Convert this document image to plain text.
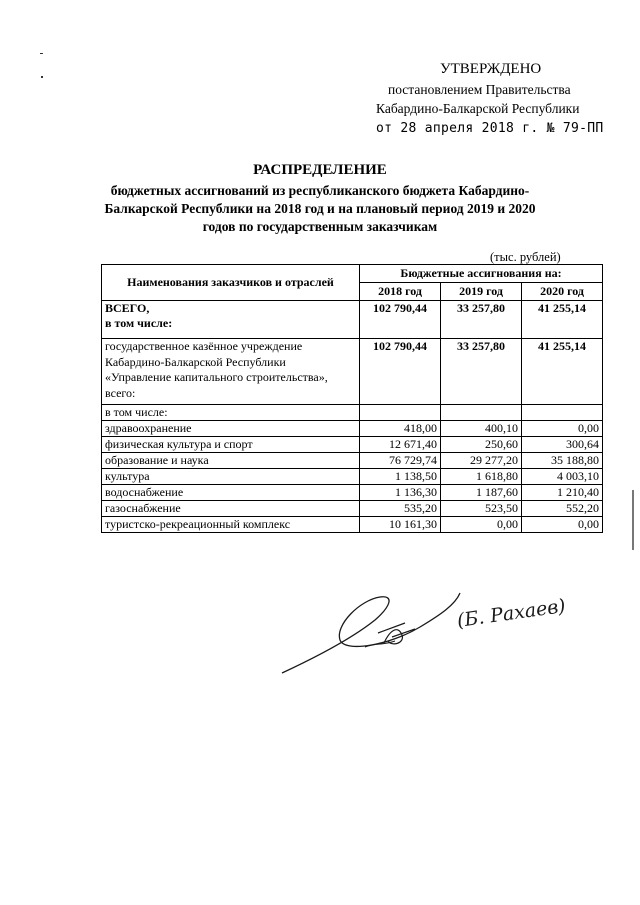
УТВЕРЖДЕНО
постановлением Правительства
Кабардино-Балкарской Республики
от 28 апреля 2018 г. № 79-ПП
РАСПРЕДЕЛЕНИЕ
бюджетных ассигнований из республиканского бюджета Кабардино-
Балкарской Республики на 2018 год и на плановый период 2019 и 2020
годов по государственным заказчикам
(тыс. рублей)
Наименования заказчиков и отраслей	Бюджетные ассигнования на:		
	2018 год	2019 год	2020 год

ВСЕГО,
в том числе:	102 790,44	33 257,80	41 255,14

государственное казённое учреждение
Кабардино-Балкарской Республики
«Управление капитального строительства»,
всего:	102 790,44	33 257,80	41 255,14
в том числе:			
здравоохранение	418,00	400,10	0,00
физическая культура и спорт	12 671,40	250,60	300,64
образование и наука	76 729,74	29 277,20	35 188,80
культура	1 138,50	1 618,80	4 003,10
водоснабжение	1 136,30	1 187,60	1 210,40
газоснабжение	535,20	523,50	552,20
туристско-рекреационный комплекс	10 161,30	0,00	0,00
(Б. Рахаев)
